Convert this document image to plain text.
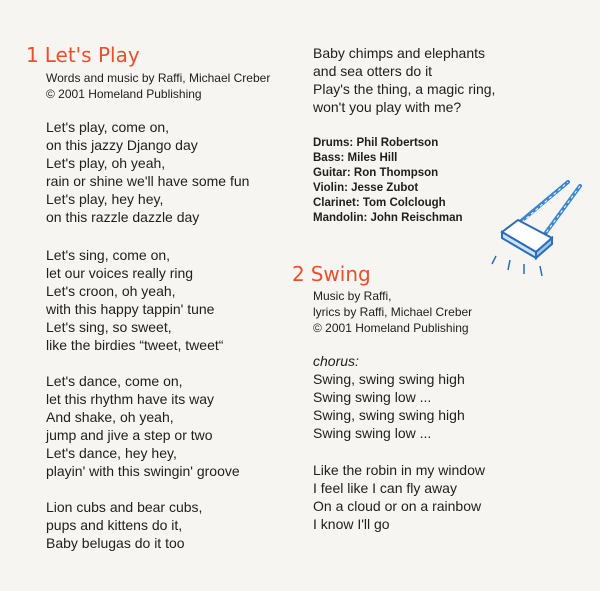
1 Let's Play
Words and music by Raffi, Michael Creber
© 2001 Homeland Publishing
Let's play, come on,
on this jazzy Django day
Let's play, oh yeah,
rain or shine we'll have some fun
Let's play, hey hey,
on this razzle dazzle day
Let's sing, come on,
let our voices really ring
Let's croon, oh yeah,
with this happy tappin' tune
Let's sing, so sweet,
like the birdies “tweet, tweet“
Let's dance, come on,
let this rhythm have its way
And shake, oh yeah,
jump and jive a step or two
Let's dance, hey hey,
playin' with this swingin' groove
Lion cubs and bear cubs,
pups and kittens do it,
Baby belugas do it too
Baby chimps and elephants
and sea otters do it
Play's the thing, a magic ring,
won't you play with me?
Drums: Phil Robertson
Bass: Miles Hill
Guitar: Ron Thompson
Violin: Jesse Zubot
Clarinet: Tom Colclough
Mandolin: John Reischman
2 Swing
Music by Raffi,
lyrics by Raffi, Michael Creber
© 2001 Homeland Publishing
chorus:
Swing, swing swing high
Swing swing low ...
Swing, swing swing high
Swing swing low ...
Like the robin in my window
I feel like I can fly away
On a cloud or on a rainbow
I know I'll go
